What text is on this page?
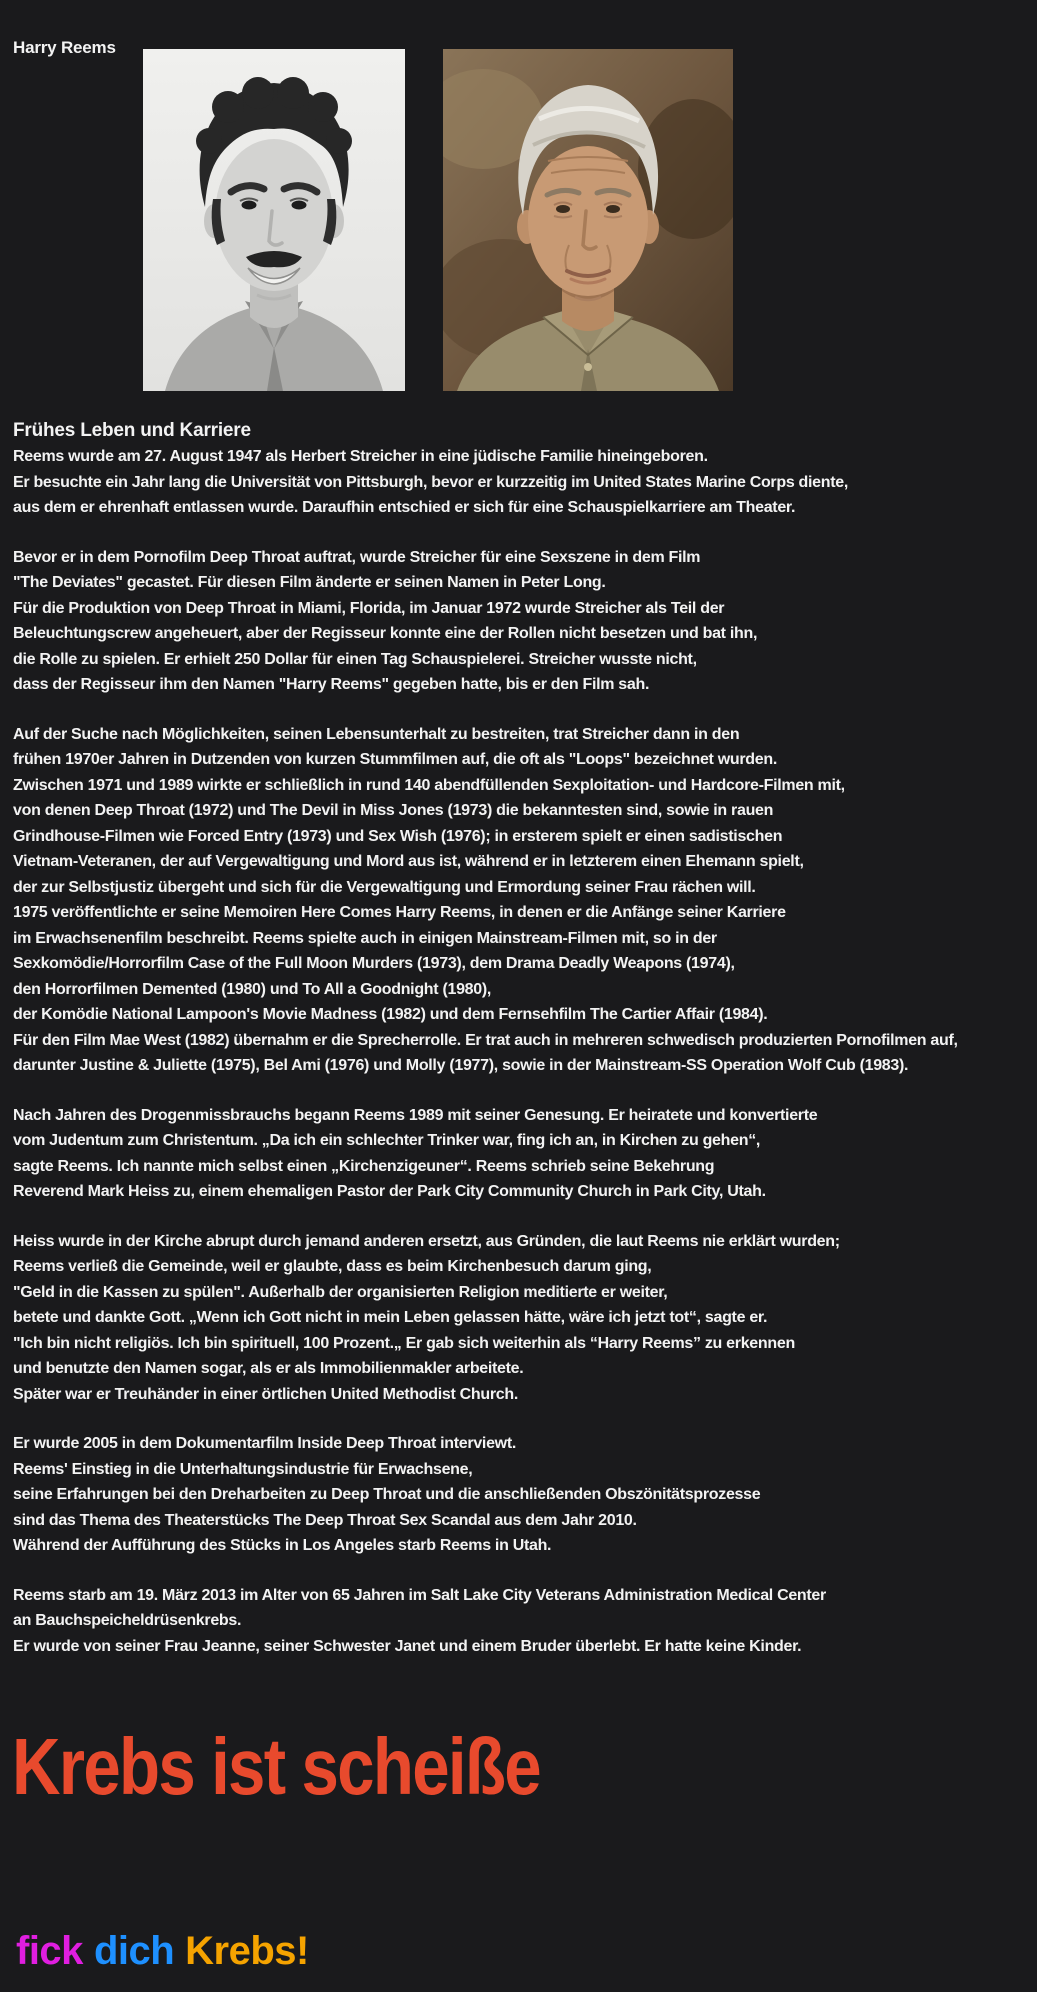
Harry Reems
Frühes Leben und Karriere
Reems wurde am 27. August 1947 als Herbert Streicher in eine jüdische Familie hineingeboren.
Er besuchte ein Jahr lang die Universität von Pittsburgh, bevor er kurzzeitig im United States Marine Corps diente,
aus dem er ehrenhaft entlassen wurde. Daraufhin entschied er sich für eine Schauspielkarriere am Theater.
Bevor er in dem Pornofilm Deep Throat auftrat, wurde Streicher für eine Sexszene in dem Film
"The Deviates" gecastet. Für diesen Film änderte er seinen Namen in Peter Long.
Für die Produktion von Deep Throat in Miami, Florida, im Januar 1972 wurde Streicher als Teil der
Beleuchtungscrew angeheuert, aber der Regisseur konnte eine der Rollen nicht besetzen und bat ihn,
die Rolle zu spielen. Er erhielt 250 Dollar für einen Tag Schauspielerei. Streicher wusste nicht,
dass der Regisseur ihm den Namen "Harry Reems" gegeben hatte, bis er den Film sah.
Auf der Suche nach Möglichkeiten, seinen Lebensunterhalt zu bestreiten, trat Streicher dann in den
frühen 1970er Jahren in Dutzenden von kurzen Stummfilmen auf, die oft als "Loops" bezeichnet wurden.
Zwischen 1971 und 1989 wirkte er schließlich in rund 140 abendfüllenden Sexploitation- und Hardcore-Filmen mit,
von denen Deep Throat (1972) und The Devil in Miss Jones (1973) die bekanntesten sind, sowie in rauen
Grindhouse-Filmen wie Forced Entry (1973) und Sex Wish (1976); in ersterem spielt er einen sadistischen
Vietnam-Veteranen, der auf Vergewaltigung und Mord aus ist, während er in letzterem einen Ehemann spielt,
der zur Selbstjustiz übergeht und sich für die Vergewaltigung und Ermordung seiner Frau rächen will.
1975 veröffentlichte er seine Memoiren Here Comes Harry Reems, in denen er die Anfänge seiner Karriere
im Erwachsenenfilm beschreibt. Reems spielte auch in einigen Mainstream-Filmen mit, so in der
Sexkomödie/Horrorfilm Case of the Full Moon Murders (1973), dem Drama Deadly Weapons (1974),
den Horrorfilmen Demented (1980) und To All a Goodnight (1980),
der Komödie National Lampoon's Movie Madness (1982) und dem Fernsehfilm The Cartier Affair (1984).
Für den Film Mae West (1982) übernahm er die Sprecherrolle. Er trat auch in mehreren schwedisch produzierten Pornofilmen auf,
darunter Justine & Juliette (1975), Bel Ami (1976) und Molly (1977), sowie in der Mainstream-SS Operation Wolf Cub (1983).
Nach Jahren des Drogenmissbrauchs begann Reems 1989 mit seiner Genesung. Er heiratete und konvertierte
vom Judentum zum Christentum. „Da ich ein schlechter Trinker war, fing ich an, in Kirchen zu gehen“,
sagte Reems. Ich nannte mich selbst einen „Kirchenzigeuner“. Reems schrieb seine Bekehrung
Reverend Mark Heiss zu, einem ehemaligen Pastor der Park City Community Church in Park City, Utah.
Heiss wurde in der Kirche abrupt durch jemand anderen ersetzt, aus Gründen, die laut Reems nie erklärt wurden;
Reems verließ die Gemeinde, weil er glaubte, dass es beim Kirchenbesuch darum ging,
"Geld in die Kassen zu spülen". Außerhalb der organisierten Religion meditierte er weiter,
betete und dankte Gott. „Wenn ich Gott nicht in mein Leben gelassen hätte, wäre ich jetzt tot“, sagte er.
"Ich bin nicht religiös. Ich bin spirituell, 100 Prozent.„ Er gab sich weiterhin als “Harry Reems” zu erkennen
und benutzte den Namen sogar, als er als Immobilienmakler arbeitete.
Später war er Treuhänder in einer örtlichen United Methodist Church.
Er wurde 2005 in dem Dokumentarfilm Inside Deep Throat interviewt.
Reems' Einstieg in die Unterhaltungsindustrie für Erwachsene,
seine Erfahrungen bei den Dreharbeiten zu Deep Throat und die anschließenden Obszönitätsprozesse
sind das Thema des Theaterstücks The Deep Throat Sex Scandal aus dem Jahr 2010.
Während der Aufführung des Stücks in Los Angeles starb Reems in Utah.
Reems starb am 19. März 2013 im Alter von 65 Jahren im Salt Lake City Veterans Administration Medical Center
an Bauchspeicheldrüsenkrebs.
Er wurde von seiner Frau Jeanne, seiner Schwester Janet und einem Bruder überlebt. Er hatte keine Kinder.
Krebs ist scheiße
fick dich Krebs!
